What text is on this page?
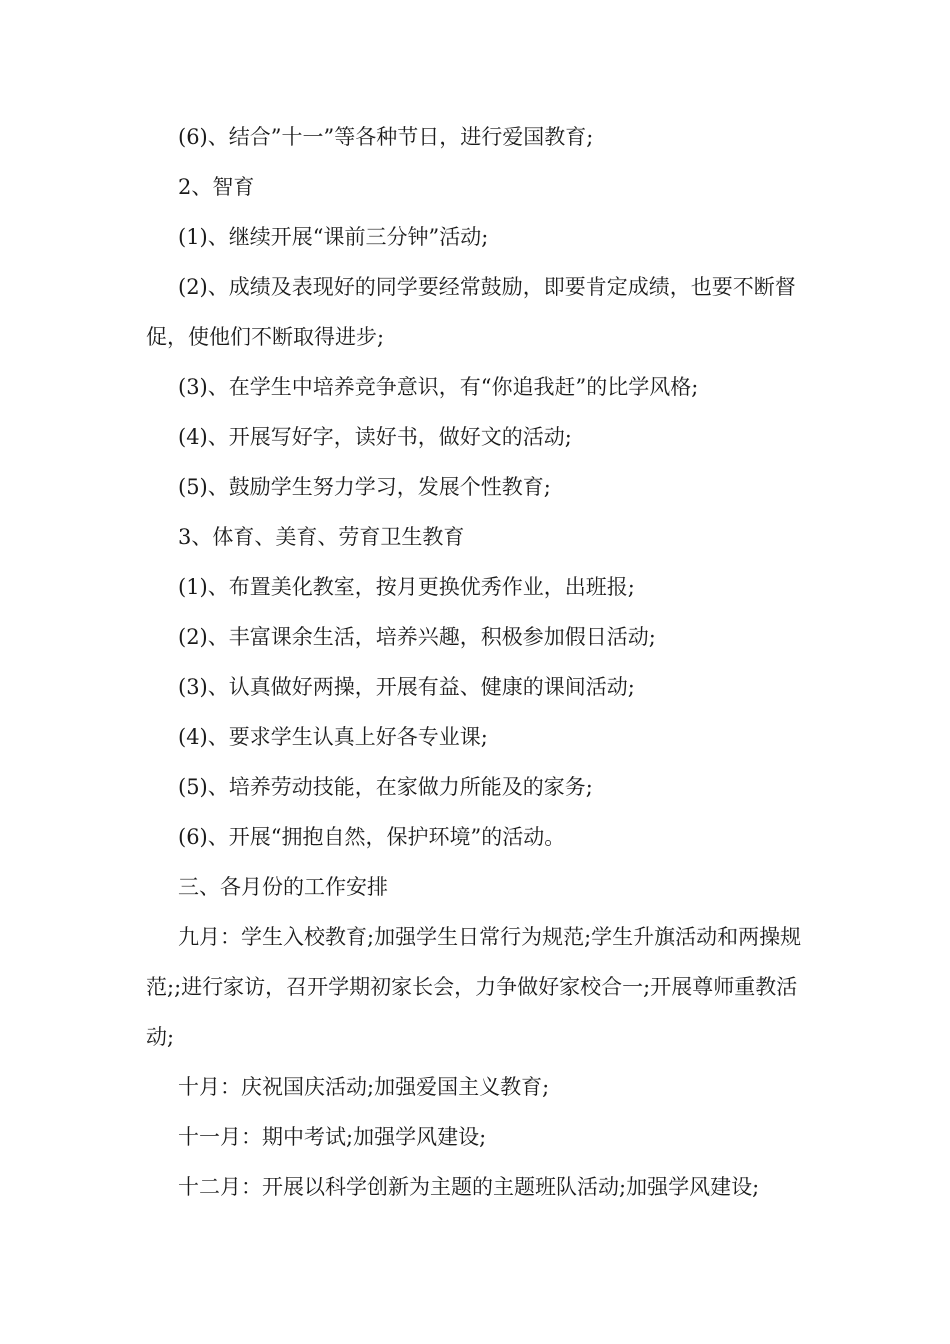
(6)、结合”十一”等各种节日，进行爱国教育;

2、智育

(1)、继续开展“课前三分钟”活动;

(2)、成绩及表现好的同学要经常鼓励，即要肯定成绩，也要不断督促，使他们不断取得进步;

(3)、在学生中培养竞争意识，有“你追我赶”的比学风格;

(4)、开展写好字，读好书，做好文的活动;

(5)、鼓励学生努力学习，发展个性教育;

3、体育、美育、劳育卫生教育

(1)、布置美化教室，按月更换优秀作业，出班报;

(2)、丰富课余生活，培养兴趣，积极参加假日活动;

(3)、认真做好两操，开展有益、健康的课间活动;

(4)、要求学生认真上好各专业课;

(5)、培养劳动技能，在家做力所能及的家务;

(6)、开展“拥抱自然，保护环境”的活动。

三、各月份的工作安排

九月：学生入校教育;加强学生日常行为规范;学生升旗活动和两操规范;;进行家访，召开学期初家长会，力争做好家校合一;开展尊师重教活动;

十月：庆祝国庆活动;加强爱国主义教育;

十一月：期中考试;加强学风建设;

十二月：开展以科学创新为主题的主题班队活动;加强学风建设;
